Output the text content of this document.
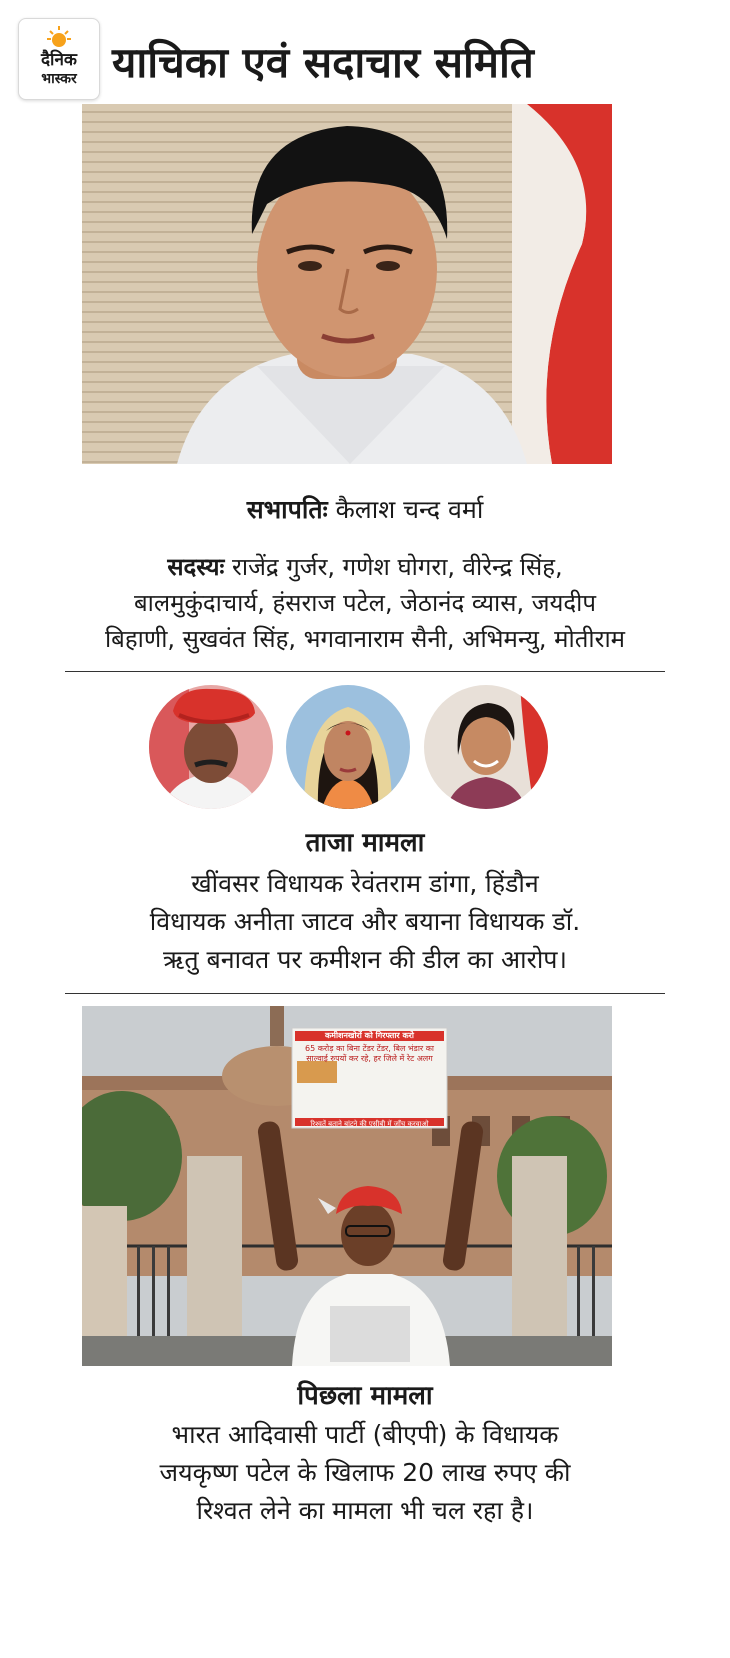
दैनिक
भास्कर याचिका एवं सदाचार समिति
सभापतिः कैलाश चन्द वर्मा
सदस्यः राजेंद्र गुर्जर, गणेश घोगरा, वीरेन्द्र सिंह,
बालमुकुंदाचार्य, हंसराज पटेल, जेठानंद व्यास, जयदीप
बिहाणी, सुखवंत सिंह, भगवानाराम सैनी, अभिमन्यु, मोतीराम
ताजा मामला
खींवसर विधायक रेवंतराम डांगा, हिंडौन
विधायक अनीता जाटव और बयाना विधायक डॉ.
ऋतु बनावत पर कमीशन की डील का आरोप।
कमीशनखोरों को गिरफ्तार करो
65 करोड़ का बिना टेंडर टेंडर, बिल भंडार का
साल्वाई रुपयों कर रहे, हर जिले में रेट अलग
रिश्वतें बताने बांटने की एसीबी में जाँच करवाओ
पिछला मामला
भारत आदिवासी पार्टी (बीएपी) के विधायक
जयकृष्ण पटेल के खिलाफ 20 लाख रुपए की
रिश्वत लेने का मामला भी चल रहा है।
